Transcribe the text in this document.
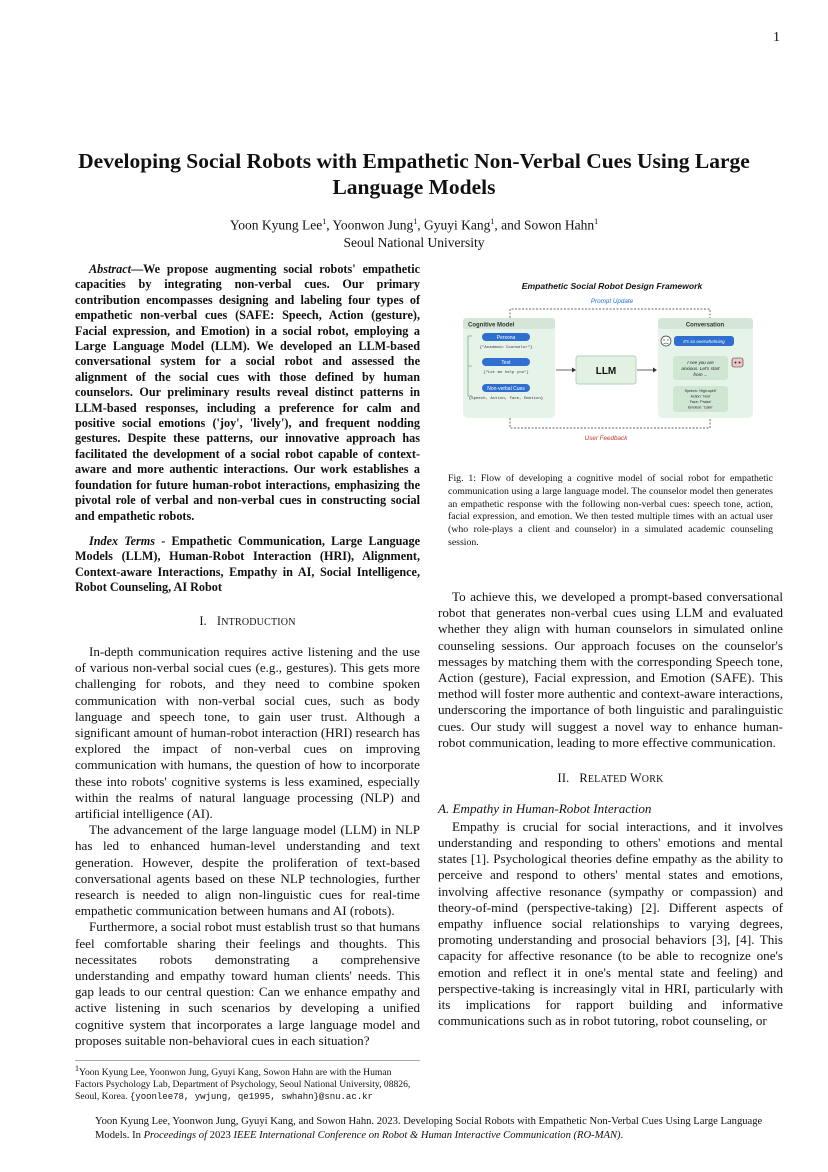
1
Developing Social Robots with Empathetic Non-Verbal Cues Using Large Language Models
Yoon Kyung Lee$^1$, Yoonwon Jung$^1$, Gyuyi Kang$^1$, and Sowon Hahn$^1$
Seoul National University

Abstract—We propose augmenting social robots' empathetic capacities by integrating non-verbal cues. Our primary contribution encompasses designing and labeling four types of empathetic non-verbal cues (SAFE: Speech, Action (gesture), Facial expression, and Emotion) in a social robot, employing a Large Language Model (LLM). We developed an LLM-based conversational system for a social robot and assessed the alignment of the social cues with those defined by human counselors. Our preliminary results reveal distinct patterns in LLM-based responses, including a preference for calm and positive social emotions ('joy', 'lively'), and frequent nodding gestures. Despite these patterns, our innovative approach has facilitated the development of a social robot capable of context-aware and more authentic interactions. Our work establishes a foundation for future human-robot interactions, emphasizing the pivotal role of verbal and non-verbal cues in constructing social and empathetic robots.

Index Terms - Empathetic Communication, Large Language Models (LLM), Human-Robot Interaction (HRI), Alignment, Context-aware Interactions, Empathy in AI, Social Intelligence, Robot Counseling, AI Robot

I. INTRODUCTION

In-depth communication requires active listening and the use of various non-verbal social cues (e.g., gestures). This gets more challenging for robots, and they need to combine spoken communication with non-verbal social cues, such as body language and speech tone, to gain user trust. Although a significant amount of human-robot interaction (HRI) research has explored the impact of non-verbal cues on improving communication with humans, the question of how to incorporate these into robots' cognitive systems is less examined, especially within the realms of natural language processing (NLP) and artificial intelligence (AI).

The advancement of the large language model (LLM) in NLP has led to enhanced human-level understanding and text generation. However, despite the proliferation of text-based conversational agents based on these NLP technologies, further research is needed to align non-linguistic cues for real-time empathetic communication between humans and AI (robots).

Furthermore, a social robot must establish trust so that humans feel comfortable sharing their feelings and thoughts. This necessitates robots demonstrating a comprehensive understanding and empathy toward human clients' needs. This gap leads to our central question: Can we enhance empathy and active listening in such scenarios by developing a unified cognitive system that incorporates a large language model and proposes suitable non-behavioral cues in each situation?

Empathetic Social Robot Design Framework
Prompt Update
User Feedback
Cognitive Model
Persona
{"Academic Counselor"}
Text
{"Let me help you"}
Non-verbal Cues
{Speech, Action, Face, Emotion}
LLM
Conversation
It's so overwhelming
I see you are
anxious. Let's start
from ...
Speech: 'High-spirit'
Action: 'Nod'
Face: 'Praise'
Emotion: 'Calm'
Fig. 1: Flow of developing a cognitive model of social robot for empathetic communication using a large language model. The counselor model then generates an empathetic response with the following non-verbal cues: speech tone, action, facial expression, and emotion. We then tested multiple times with an actual user (who role-plays a client and counselor) in a simulated academic counseling session.

To achieve this, we developed a prompt-based conversational robot that generates non-verbal cues using LLM and evaluated whether they align with human counselors in simulated online counseling sessions. Our approach focuses on the counselor's messages by matching them with the corresponding Speech tone, Action (gesture), Facial expression, and Emotion (SAFE). This method will foster more authentic and context-aware interactions, underscoring the importance of both linguistic and paralinguistic cues. Our study will suggest a novel way to enhance human-robot communication, leading to more effective communication.

II. RELATED WORK
A. Empathy in Human-Robot Interaction

Empathy is crucial for social interactions, and it involves understanding and responding to others' emotions and mental states [1]. Psychological theories define empathy as the ability to perceive and respond to others' mental states and emotions, involving affective resonance (sympathy or compassion) and theory-of-mind (perspective-taking) [2]. Different aspects of empathy influence social relationships to varying degrees, promoting understanding and prosocial behaviors [3], [4]. This capacity for affective resonance (to be able to recognize one's emotion and reflect it in one's mental state and feeling) and perspective-taking is increasingly vital in HRI, particularly with its implications for rapport building and informative communications such as in robot tutoring, robot counseling, or

$^1$Yoon Kyung Lee, Yoonwon Jung, Gyuyi Kang, Sowon Hahn are with the Human Factors Psychology Lab, Department of Psychology, Seoul National University, 08826, Seoul, Korea. {yoonlee78, ywjung, qe1995, swhahn}@snu.ac.kr
Yoon Kyung Lee, Yoonwon Jung, Gyuyi Kang, and Sowon Hahn. 2023. Developing Social Robots with Empathetic Non-Verbal Cues Using Large Language Models. In Proceedings of 2023 IEEE International Conference on Robot & Human Interactive Communication (RO-MAN).
